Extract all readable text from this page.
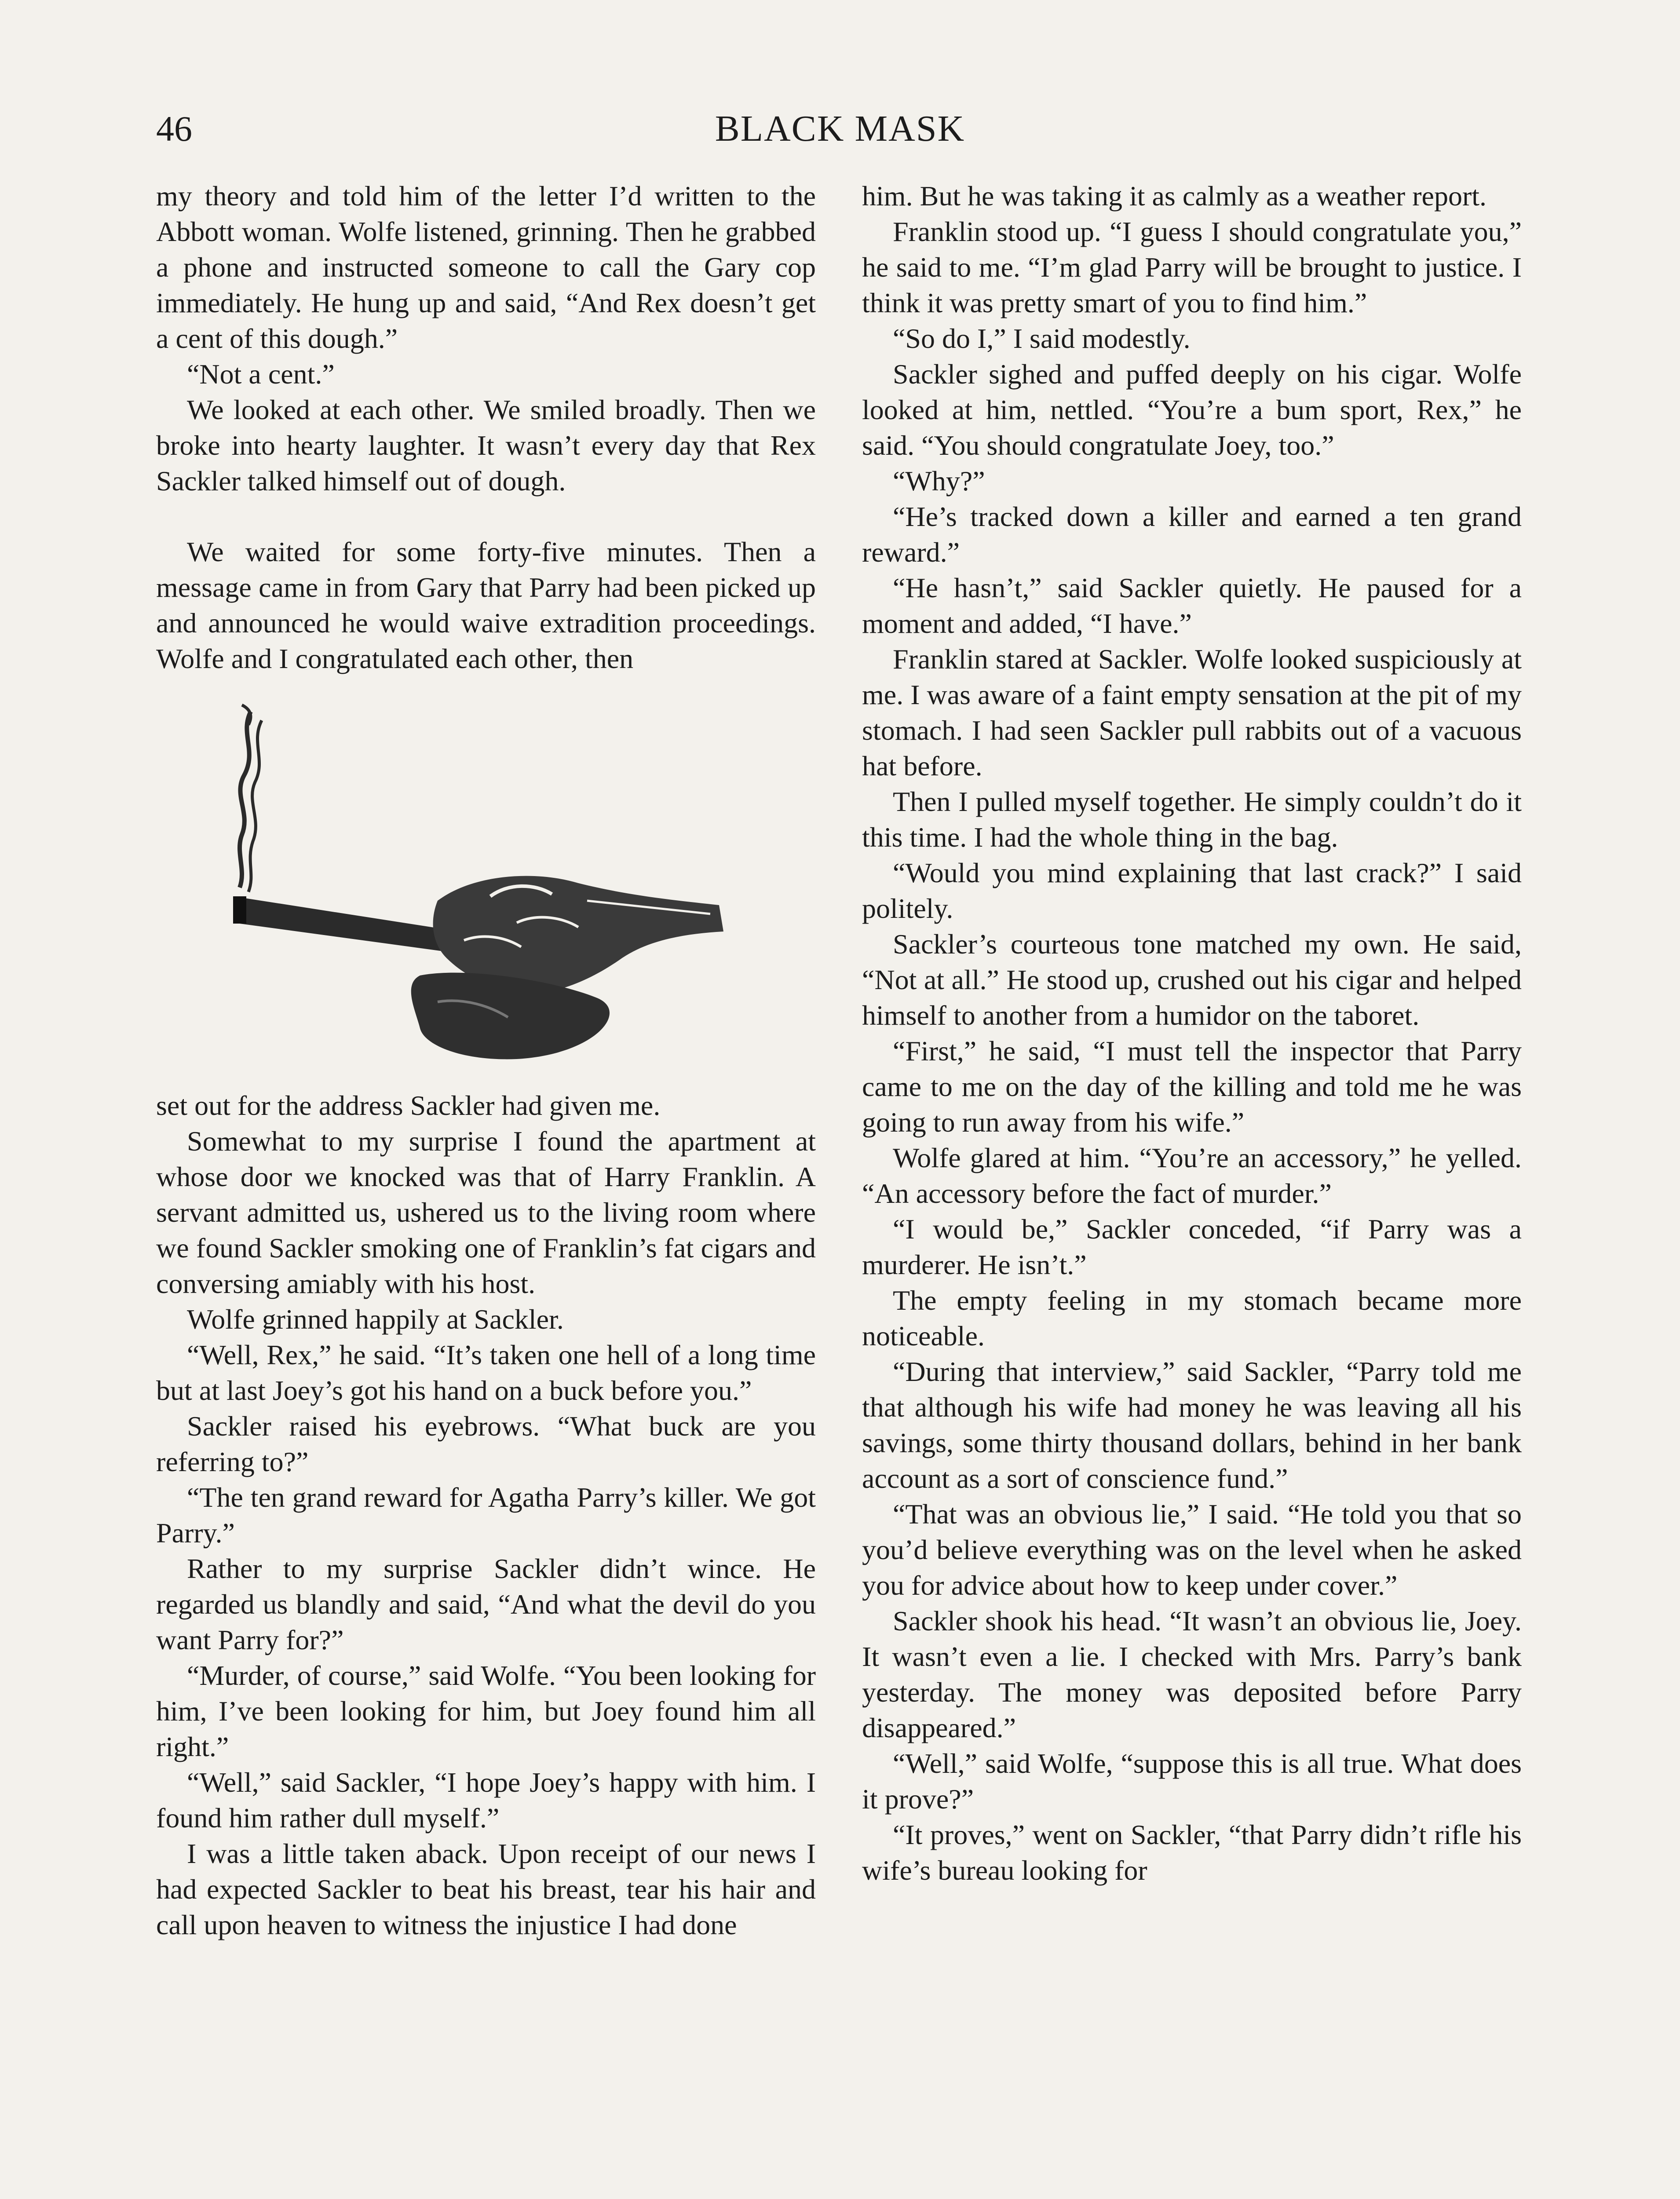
46	BLACK MASK

my theory and told him of the letter I’d written to the Abbott woman. Wolfe listened, grinning. Then he grabbed a phone and instructed someone to call the Gary cop immediately. He hung up and said, “And Rex doesn’t get a cent of this dough.”

“Not a cent.”

We looked at each other. We smiled broadly. Then we broke into hearty laughter. It wasn’t every day that Rex Sackler talked himself out of dough.

We waited for some forty-five minutes. Then a message came in from Gary that Parry had been picked up and announced he would waive extradition proceedings. Wolfe and I congratulated each other, then

set out for the address Sackler had given me.

Somewhat to my surprise I found the apartment at whose door we knocked was that of Harry Franklin. A servant admitted us, ushered us to the living room where we found Sackler smoking one of Franklin’s fat cigars and conversing amiably with his host.

Wolfe grinned happily at Sackler.

“Well, Rex,” he said. “It’s taken one hell of a long time but at last Joey’s got his hand on a buck before you.”

Sackler raised his eyebrows. “What buck are you referring to?”

“The ten grand reward for Agatha Parry’s killer. We got Parry.”

Rather to my surprise Sackler didn’t wince. He regarded us blandly and said, “And what the devil do you want Parry for?”

“Murder, of course,” said Wolfe. “You been looking for him, I’ve been looking for him, but Joey found him all right.”

“Well,” said Sackler, “I hope Joey’s happy with him. I found him rather dull myself.”

I was a little taken aback. Upon receipt of our news I had expected Sackler to beat his breast, tear his hair and call upon heaven to witness the injustice I had done

him. But he was taking it as calmly as a weather report.

Franklin stood up. “I guess I should congratulate you,” he said to me. “I’m glad Parry will be brought to justice. I think it was pretty smart of you to find him.”

“So do I,” I said modestly.

Sackler sighed and puffed deeply on his cigar. Wolfe looked at him, nettled. “You’re a bum sport, Rex,” he said. “You should congratulate Joey, too.”

“Why?”

“He’s tracked down a killer and earned a ten grand reward.”

“He hasn’t,” said Sackler quietly. He paused for a moment and added, “I have.”

Franklin stared at Sackler. Wolfe looked suspiciously at me. I was aware of a faint empty sensation at the pit of my stomach. I had seen Sackler pull rabbits out of a vacuous hat before.

Then I pulled myself together. He simply couldn’t do it this time. I had the whole thing in the bag.

“Would you mind explaining that last crack?” I said politely.

Sackler’s courteous tone matched my own. He said, “Not at all.” He stood up, crushed out his cigar and helped himself to another from a humidor on the taboret.

“First,” he said, “I must tell the inspector that Parry came to me on the day of the killing and told me he was going to run away from his wife.”

Wolfe glared at him. “You’re an accessory,” he yelled. “An accessory before the fact of murder.”

“I would be,” Sackler conceded, “if Parry was a murderer. He isn’t.”

The empty feeling in my stomach became more noticeable.

“During that interview,” said Sackler, “Parry told me that although his wife had money he was leaving all his savings, some thirty thousand dollars, behind in her bank account as a sort of conscience fund.”

“That was an obvious lie,” I said. “He told you that so you’d believe everything was on the level when he asked you for advice about how to keep under cover.”

Sackler shook his head. “It wasn’t an obvious lie, Joey. It wasn’t even a lie. I checked with Mrs. Parry’s bank yesterday. The money was deposited before Parry disappeared.”

“Well,” said Wolfe, “suppose this is all true. What does it prove?”

“It proves,” went on Sackler, “that Parry didn’t rifle his wife’s bureau looking for
